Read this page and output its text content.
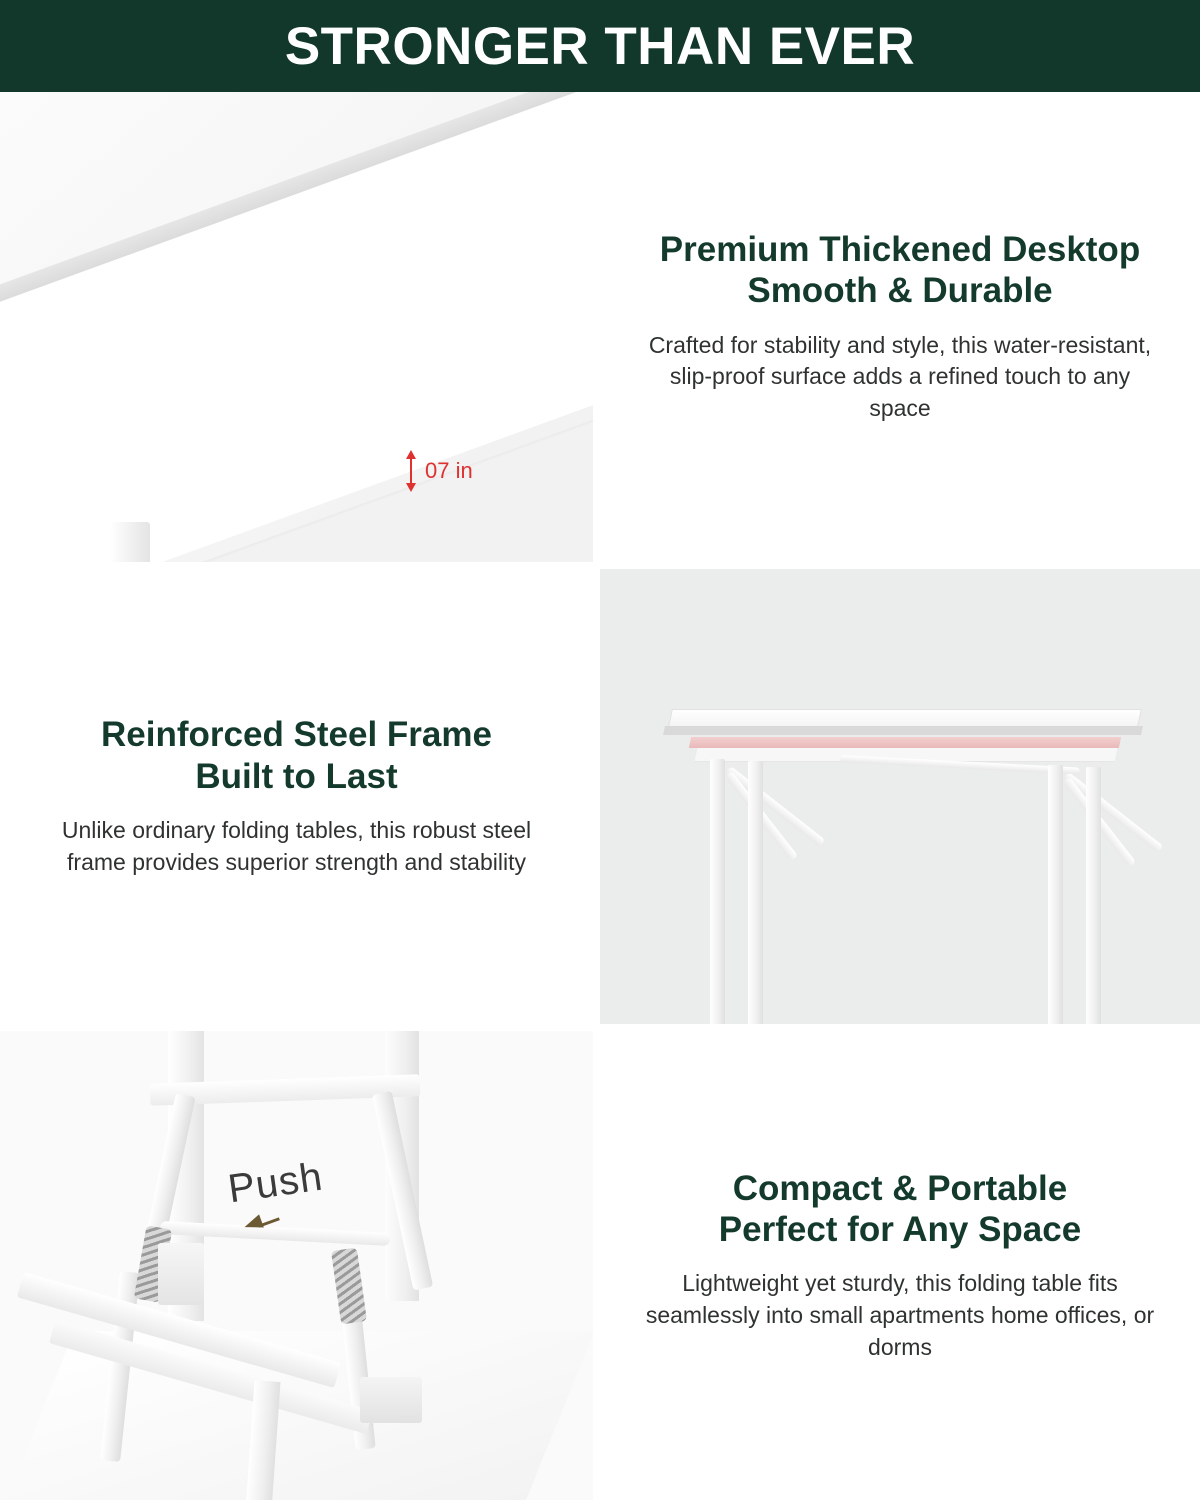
STRONGER THAN EVER
07 in
Premium Thickened Desktop
Smooth & Durable
Crafted for stability and style, this water-resistant, slip-proof surface adds a refined touch to any space
Reinforced Steel Frame
Built to Last
Unlike ordinary folding tables, this robust steel frame provides superior strength and stability
Push	Compact & Portable
Perfect for Any Space
Lightweight yet sturdy, this folding table fits seamlessly into small apartments home offices, or dorms
